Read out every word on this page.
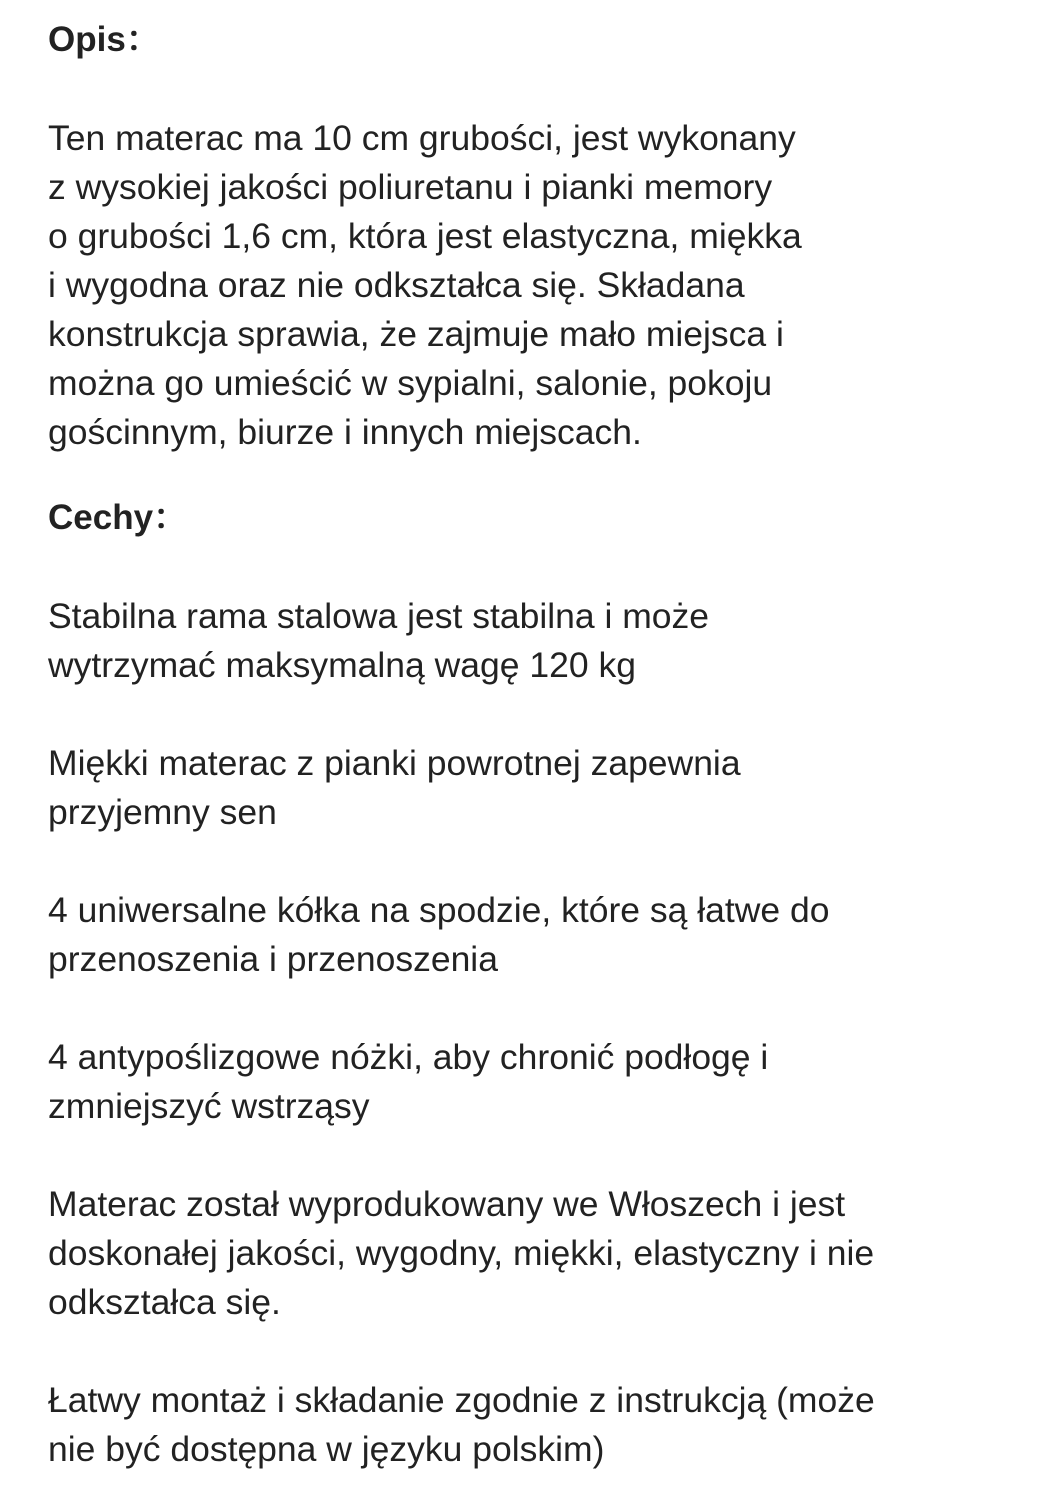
Opis：
Ten materac ma 10 cm grubości, jest wykonany
z wysokiej jakości poliuretanu i pianki memory
o grubości 1,6 cm, która jest elastyczna, miękka
i wygodna oraz nie odkształca się. Składana
konstrukcja sprawia, że zajmuje mało miejsca i
można go umieścić w sypialni, salonie, pokoju
gościnnym, biurze i innych miejscach.
Cechy：
Stabilna rama stalowa jest stabilna i może
wytrzymać maksymalną wagę 120 kg
Miękki materac z pianki powrotnej zapewnia
przyjemny sen
4 uniwersalne kółka na spodzie, które są łatwe do
przenoszenia i przenoszenia
4 antypoślizgowe nóżki, aby chronić podłogę i
zmniejszyć wstrząsy
Materac został wyprodukowany we Włoszech i jest
doskonałej jakości, wygodny, miękki, elastyczny i nie
odkształca się.
Łatwy montaż i składanie zgodnie z instrukcją (może
nie być dostępna w języku polskim)
